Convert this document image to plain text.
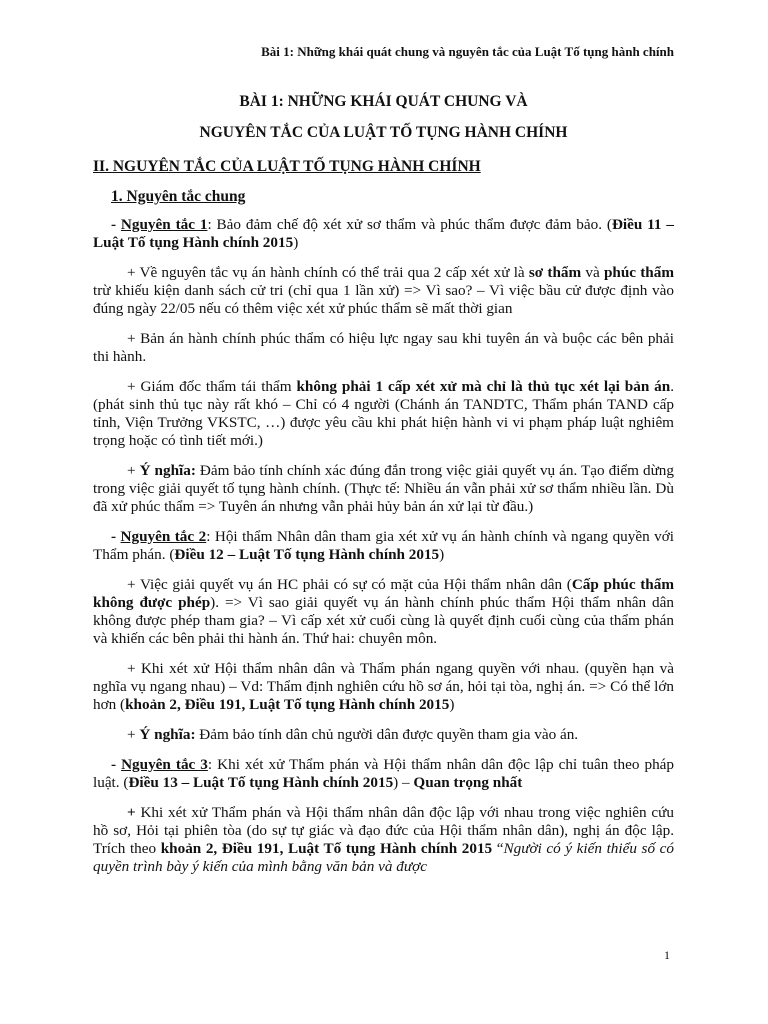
Bài 1: Những khái quát chung và nguyên tắc của Luật Tố tụng hành chính
BÀI 1: NHỮNG KHÁI QUÁT CHUNG VÀ
NGUYÊN TẮC CỦA LUẬT TỐ TỤNG HÀNH CHÍNH
II. NGUYÊN TẮC CỦA LUẬT TỐ TỤNG HÀNH CHÍNH
1. Nguyên tắc chung

- Nguyên tắc 1: Bảo đảm chế độ xét xử sơ thẩm và phúc thẩm được đảm bảo. (Điều 11 – Luật Tố tụng Hành chính 2015)

+ Về nguyên tắc vụ án hành chính có thể trải qua 2 cấp xét xử là sơ thẩm và phúc thẩm trừ khiếu kiện danh sách cử tri (chỉ qua 1 lần xử) => Vì sao? – Vì việc bầu cử được định vào đúng ngày 22/05 nếu có thêm việc xét xử phúc thẩm sẽ mất thời gian

+ Bản án hành chính phúc thẩm có hiệu lực ngay sau khi tuyên án và buộc các bên phải thi hành.

+ Giám đốc thẩm tái thẩm không phải 1 cấp xét xử mà chỉ là thủ tục xét lại bản án. (phát sinh thủ tục này rất khó – Chỉ có 4 người (Chánh án TANDTC, Thẩm phán TAND cấp tỉnh, Viện Trưởng VKSTC, …) được yêu cầu khi phát hiện hành vi vi phạm pháp luật nghiêm trọng hoặc có tình tiết mới.)

+ Ý nghĩa: Đảm bảo tính chính xác đúng đắn trong việc giải quyết vụ án. Tạo điểm dừng trong việc giải quyết tố tụng hành chính. (Thực tế: Nhiều án vẫn phải xử sơ thẩm nhiều lần. Dù đã xử phúc thẩm => Tuyên án nhưng vẫn phải hủy bản án xử lại từ đầu.)

- Nguyên tắc 2: Hội thẩm Nhân dân tham gia xét xử vụ án hành chính và ngang quyền với Thẩm phán. (Điều 12 – Luật Tố tụng Hành chính 2015)

+ Việc giải quyết vụ án HC phải có sự có mặt của Hội thẩm nhân dân (Cấp phúc thẩm không được phép). => Vì sao giải quyết vụ án hành chính phúc thẩm Hội thẩm nhân dân không được phép tham gia? – Vì cấp xét xử cuối cùng là quyết định cuối cùng của thẩm phán và khiến các bên phải thi hành án. Thứ hai: chuyên môn.

+ Khi xét xử Hội thẩm nhân dân và Thẩm phán ngang quyền với nhau. (quyền hạn và nghĩa vụ ngang nhau) – Vd: Thẩm định nghiên cứu hồ sơ án, hỏi tại tòa, nghị án. => Có thể lớn hơn (khoản 2, Điều 191, Luật Tố tụng Hành chính 2015)

+ Ý nghĩa: Đảm bảo tính dân chủ người dân được quyền tham gia vào án.

- Nguyên tắc 3: Khi xét xử Thẩm phán và Hội thẩm nhân dân độc lập chỉ tuân theo pháp luật. (Điều 13 – Luật Tố tụng Hành chính 2015) – Quan trọng nhất

+ Khi xét xử Thẩm phán và Hội thẩm nhân dân độc lập với nhau trong việc nghiên cứu hồ sơ, Hỏi tại phiên tòa (do sự tự giác và đạo đức của Hội thẩm nhân dân), nghị án độc lập. Trích theo khoản 2, Điều 191, Luật Tố tụng Hành chính 2015 “Người có ý kiến thiểu số có quyền trình bày ý kiến của mình bằng văn bản và được

1
